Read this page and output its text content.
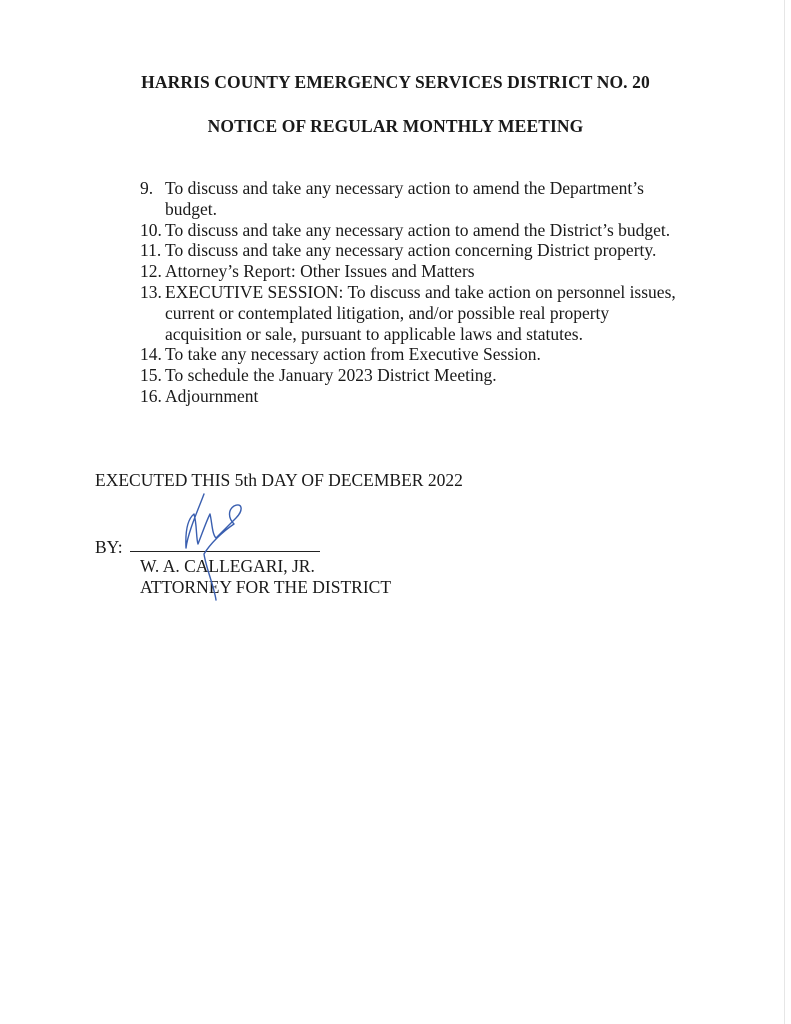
HARRIS COUNTY EMERGENCY SERVICES DISTRICT NO. 20
NOTICE OF REGULAR MONTHLY MEETING
9. To discuss and take any necessary action to amend the Department’s
budget.
10. To discuss and take any necessary action to amend the District’s budget.
11. To discuss and take any necessary action concerning District property.
12. Attorney’s Report: Other Issues and Matters
13. EXECUTIVE SESSION: To discuss and take action on personnel issues,
current or contemplated litigation, and/or possible real property
acquisition or sale, pursuant to applicable laws and statutes.
14. To take any necessary action from Executive Session.
15. To schedule the January 2023 District Meeting.
16. Adjournment
EXECUTED THIS 5th DAY OF DECEMBER 2022
BY:
W. A. CALLEGARI, JR.
ATTORNEY FOR THE DISTRICT
